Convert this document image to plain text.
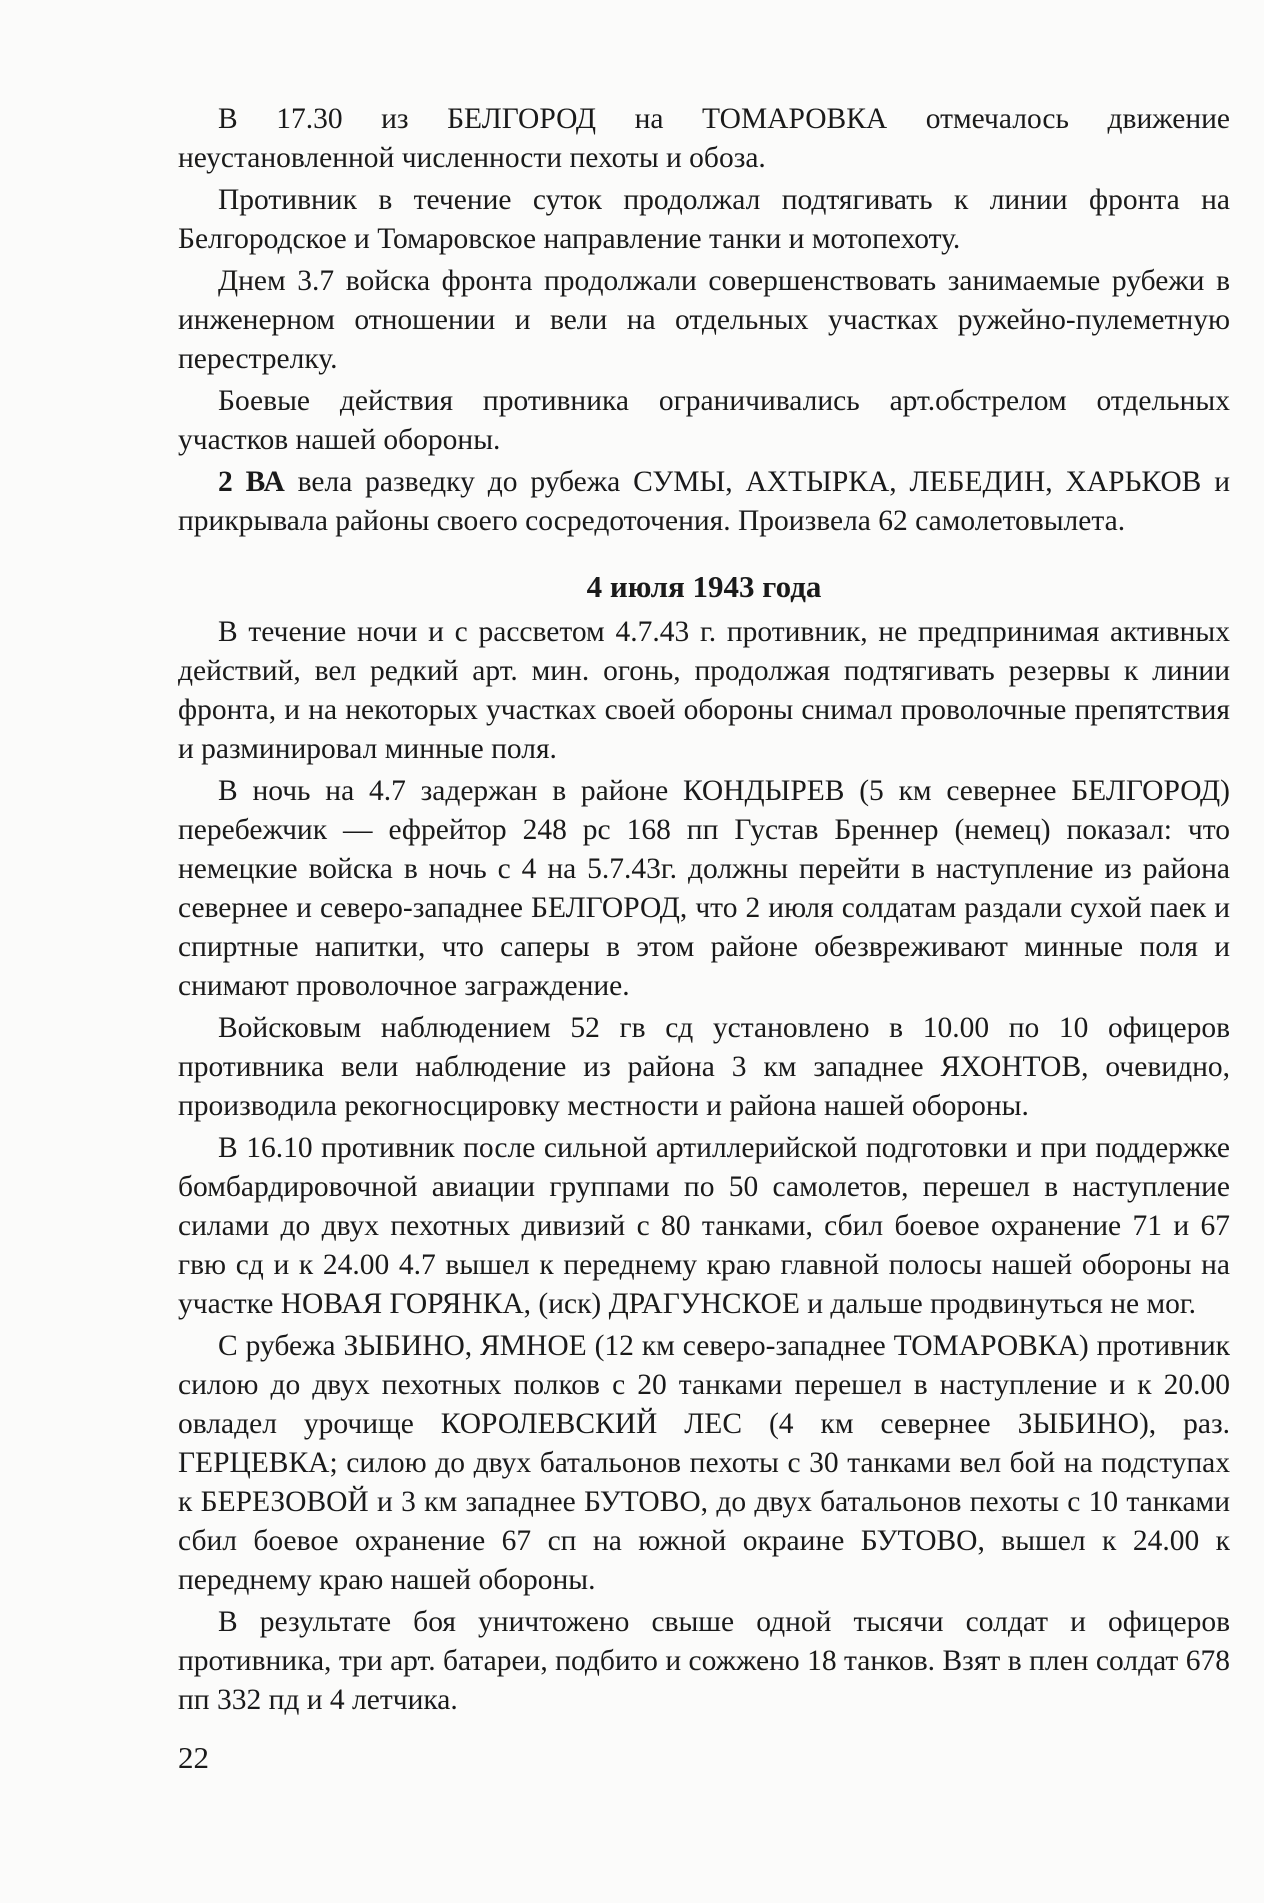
В 17.30 из БЕЛГОРОД на ТОМАРОВКА отмечалось движение неустановленной численности пехоты и обоза.

Противник в течение суток продолжал подтягивать к линии фронта на Белгородское и Томаровское направление танки и мотопехоту.

Днем 3.7 войска фронта продолжали совершенствовать занимаемые рубежи в инженерном отношении и вели на отдельных участках ружейно-пулеметную перестрелку.

Боевые действия противника ограничивались арт.обстрелом отдельных участков нашей обороны.

2 ВА вела разведку до рубежа СУМЫ, АХТЫРКА, ЛЕБЕДИН, ХАРЬКОВ и прикрывала районы своего сосредоточения. Произвела 62 самолетовылета.

4 июля 1943 года

В течение ночи и с рассветом 4.7.43 г. противник, не предпринимая активных действий, вел редкий арт. мин. огонь, продолжая подтягивать резервы к линии фронта, и на некоторых участках своей обороны снимал проволочные препятствия и разминировал минные поля.

В ночь на 4.7 задержан в районе КОНДЫРЕВ (5 км севернее БЕЛГОРОД) перебежчик — ефрейтор 248 рс 168 пп Густав Бреннер (немец) показал: что немецкие войска в ночь с 4 на 5.7.43г. должны перейти в наступление из района севернее и северо-западнее БЕЛГОРОД, что 2 июля солдатам раздали сухой паек и спиртные напитки, что саперы в этом районе обезвреживают минные поля и снимают проволочное заграждение.

Войсковым наблюдением 52 гв сд установлено в 10.00 по 10 офицеров противника вели наблюдение из района 3 км западнее ЯХОНТОВ, очевидно, производила рекогносцировку местности и района нашей обороны.

В 16.10 противник после сильной артиллерийской подготовки и при поддержке бомбардировочной авиации группами по 50 самолетов, перешел в наступление силами до двух пехотных дивизий с 80 танками, сбил боевое охранение 71 и 67 гвю сд и к 24.00 4.7 вышел к переднему краю главной полосы нашей обороны на участке НОВАЯ ГОРЯНКА, (иск) ДРАГУНСКОЕ и дальше продвинуться не мог.

С рубежа ЗЫБИНО, ЯМНОЕ (12 км северо-западнее ТОМАРОВКА) противник силою до двух пехотных полков с 20 танками перешел в наступление и к 20.00 овладел урочище КОРОЛЕВСКИЙ ЛЕС (4 км севернее ЗЫБИНО), раз. ГЕРЦЕВКА; силою до двух батальонов пехоты с 30 танками вел бой на подступах к БЕРЕЗОВОЙ и 3 км западнее БУТОВО, до двух батальонов пехоты с 10 танками сбил боевое охранение 67 сп на южной окраине БУТОВО, вышел к 24.00 к переднему краю нашей обороны.

В результате боя уничтожено свыше одной тысячи солдат и офицеров противника, три арт. батареи, подбито и сожжено 18 танков. Взят в плен солдат 678 пп 332 пд и 4 летчика.

22
